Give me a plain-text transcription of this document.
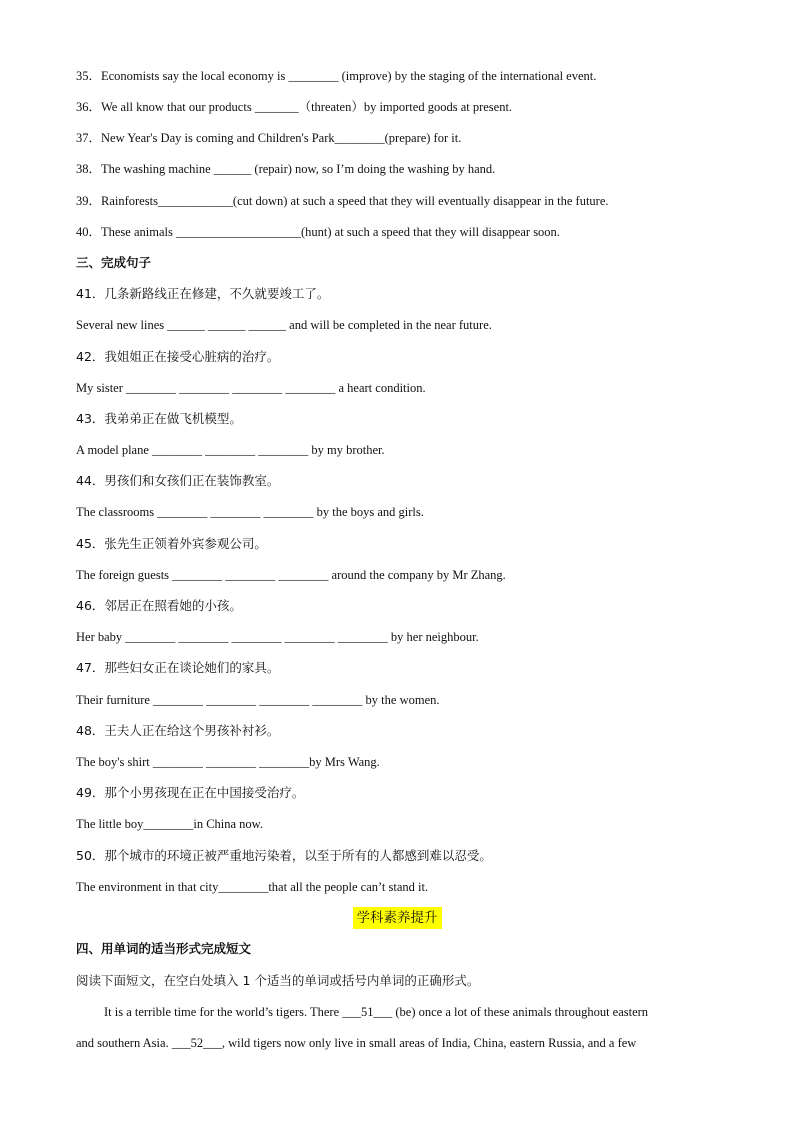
35．Economists say the local economy is ________ (improve) by the staging of the international event.
36．We all know that our products _______（threaten）by imported goods at present.
37．New Year's Day is coming and Children's Park________(prepare) for it.
38．The washing machine ______ (repair) now, so I’m doing the washing by hand.
39．Rainforests____________(cut down) at such a speed that they will eventually disappear in the future.
40．These animals ____________________(hunt) at such a speed that they will disappear soon.
三、完成句子
41．几条新路线正在修建，不久就要竣工了。
Several new lines ______ ______ ______ and will be completed in the near future.
42．我姐姐正在接受心脏病的治疗。
My sister ________ ________ ________ ________ a heart condition.
43．我弟弟正在做飞机模型。
A model plane ________ ________ ________ by my brother.
44．男孩们和女孩们正在装饰教室。
The classrooms ________ ________ ________ by the boys and girls.
45．张先生正领着外宾参观公司。
The foreign guests ________ ________ ________ around the company by Mr Zhang.
46．邻居正在照看她的小孩。
Her baby ________ ________ ________ ________ ________ by her neighbour.
47．那些妇女正在谈论她们的家具。
Their furniture ________ ________ ________ ________ by the women.
48．王夫人正在给这个男孩补衬衫。
The boy's shirt ________ ________ ________by Mrs Wang.
49．那个小男孩现在正在中国接受治疗。
The little boy________in China now.
50．那个城市的环境正被严重地污染着，以至于所有的人都感到难以忍受。
The environment in that city________that all the people can’t stand it.
学科素养提升
四、用单词的适当形式完成短文
阅读下面短文，在空白处填入 1 个适当的单词或括号内单词的正确形式。
It is a terrible time for the world’s tigers. There ___51___ (be) once a lot of these animals throughout eastern
and southern Asia. ___52___, wild tigers now only live in small areas of India, China, eastern Russia, and a few
